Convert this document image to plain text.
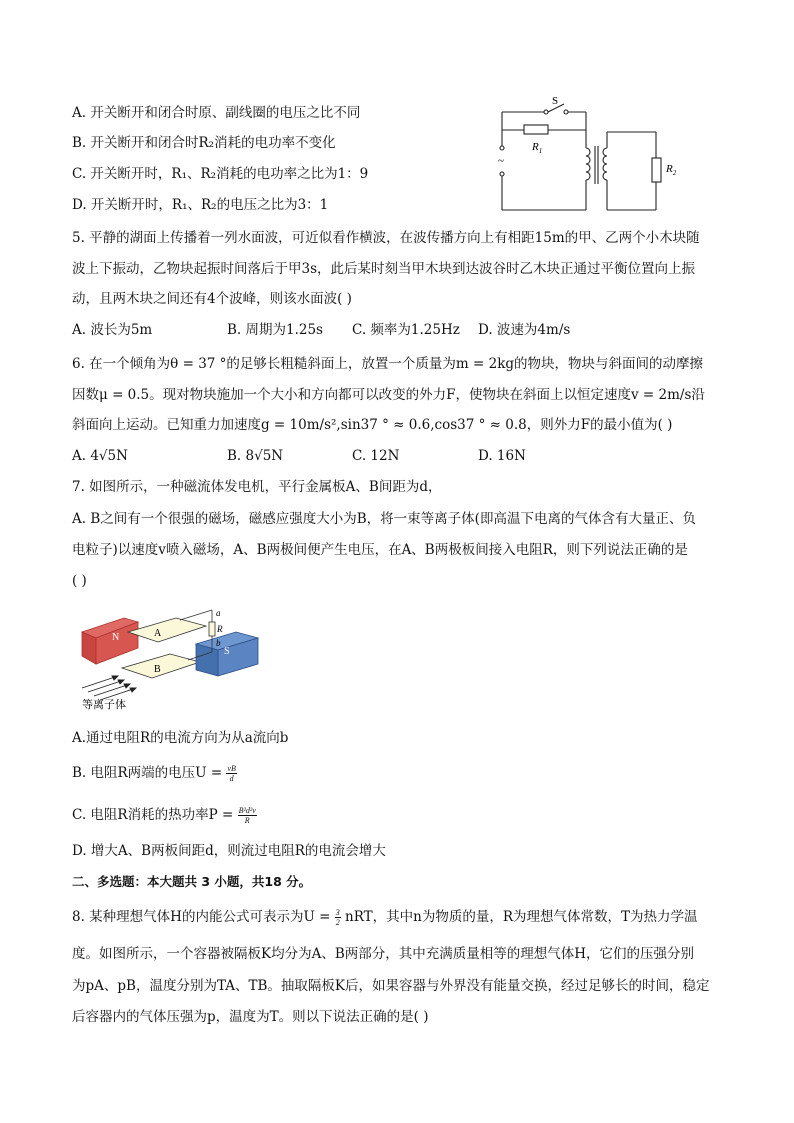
A. 开关断开和闭合时原、副线圈的电压之比不同
B. 开关断开和闭合时R₂消耗的电功率不变化
C. 开关断开时，R₁、R₂消耗的电功率之比为1：9
D. 开关断开时，R₁、R₂的电压之比为3：1
S
$R_1$
$R_2$
~
5. 平静的湖面上传播着一列水面波，可近似看作横波，在波传播方向上有相距15m的甲、乙两个小木块随
波上下振动，乙物块起振时间落后于甲3s，此后某时刻当甲木块到达波谷时乙木块正通过平衡位置向上振
动，且两木块之间还有4个波峰，则该水面波( )
A. 波长为5m	B. 周期为1.25s C. 频率为1.25Hz D. 波速为4m/s
6. 在一个倾角为θ = 37 °的足够长粗糙斜面上，放置一个质量为m = 2kg的物块，物块与斜面间的动摩擦
因数μ = 0.5。现对物块施加一个大小和方向都可以改变的外力F，使物块在斜面上以恒定速度v = 2m/s沿
斜面向上运动。已知重力加速度g = 10m/s²,sin37 ° ≈ 0.6,cos37 ° ≈ 0.8，则外力F的最小值为( )
A. 4√5N	B. 8√5N	C. 12N	D. 16N
7. 如图所示，一种磁流体发电机，平行金属板A、B间距为d，
A. B之间有一个很强的磁场，磁感应强度大小为B，将一束等离子体(即高温下电离的气体含有大量正、负
电粒子)以速度v喷入磁场，A、B两极间便产生电压，在A、B两极板间接入电阻R，则下列说法正确的是
( )
N	A
B
S
a
R
b
等离子体
A.通过电阻R的电流方向为从a流向b
B. 电阻R两端的电压$U = \frac{vB}{d}$
C. 电阻R消耗的热功率$P = \frac{\text{B²d²v}}{R}$
D. 增大A、B两板间距d，则流过电阻R的电流会增大
二、多选题：本大题共 3 小题，共18 分。
8. 某种理想气体H的内能公式可表示为$U = \frac{3}{2}$ nRT，其中n为物质的量，R为理想气体常数，T为热力学温
度。如图所示，一个容器被隔板K均分为A、B两部分，其中充满质量相等的理想气体H，它们的压强分别
为pA、pB，温度分别为TA、TB。抽取隔板K后，如果容器与外界没有能量交换，经过足够长的时间，稳定
后容器内的气体压强为p，温度为T。则以下说法正确的是( )
